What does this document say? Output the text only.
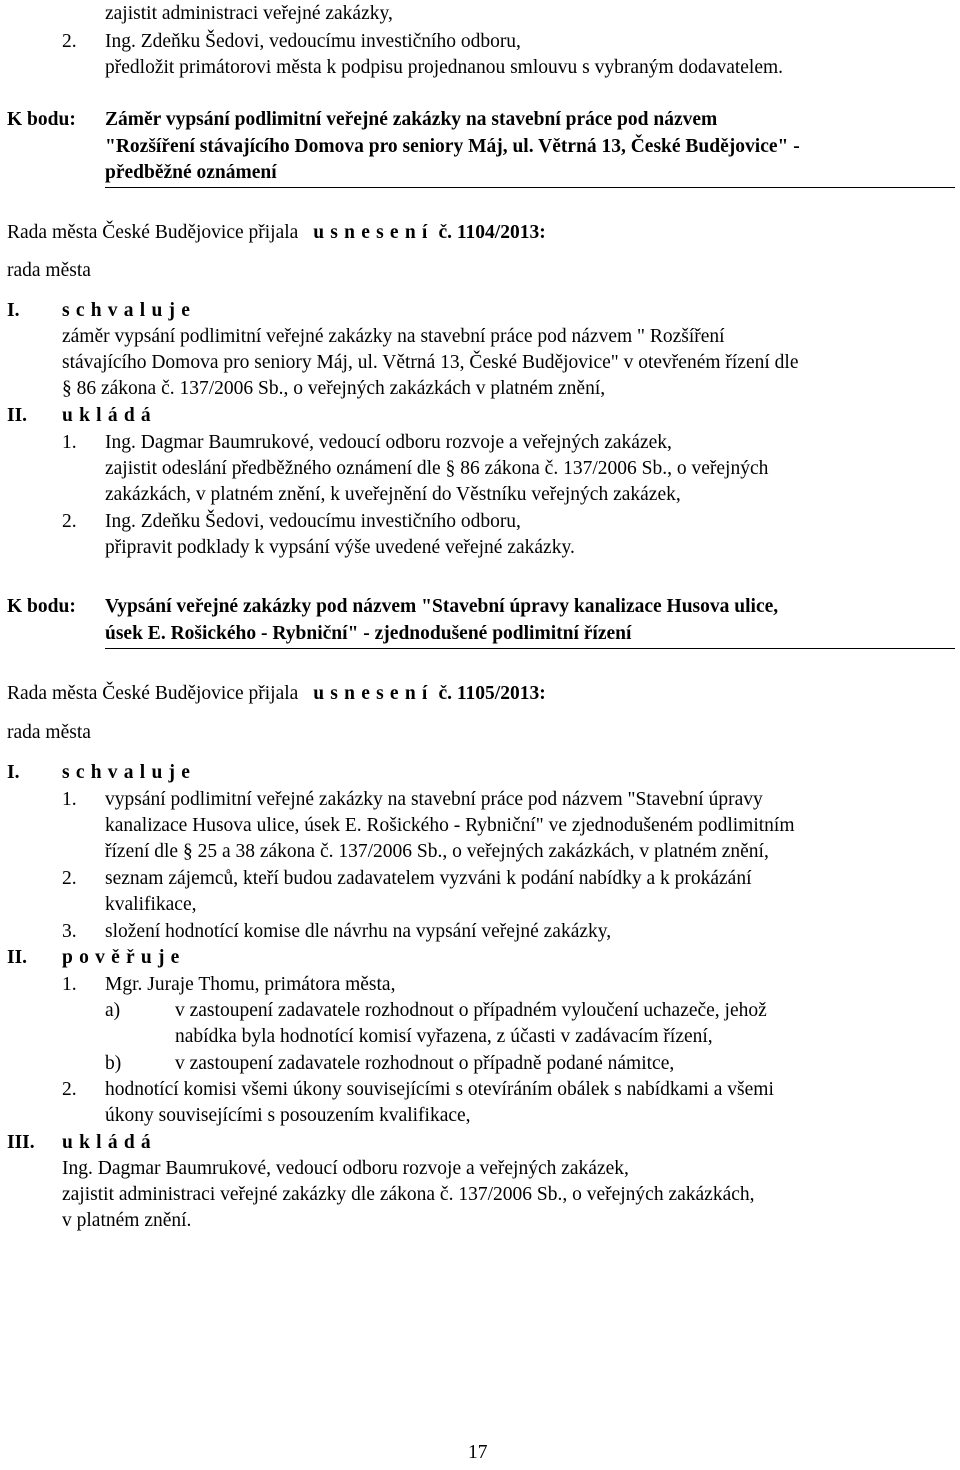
zajistit administraci veřejné zakázky,
2. Ing. Zdeňku Šedovi, vedoucímu investičního odboru,
předložit primátorovi města k podpisu projednanou smlouvu s vybraným dodavatelem.
K bodu: Záměr vypsání podlimitní veřejné zakázky na stavební práce pod názvem
"Rozšíření stávajícího Domova pro seniory Máj, ul. Větrná 13, České Budějovice" -
předběžné oznámení
Rada města České Budějovice přijala usnesení č. 1104/2013:
rada města
I. schvaluje
záměr vypsání podlimitní veřejné zakázky na stavební práce pod názvem " Rozšíření
stávajícího Domova pro seniory Máj, ul. Větrná 13, České Budějovice" v otevřeném řízení dle
§ 86 zákona č. 137/2006 Sb., o veřejných zakázkách v platném znění,
II. ukládá
1. Ing. Dagmar Baumrukové, vedoucí odboru rozvoje a veřejných zakázek,
zajistit odeslání předběžného oznámení dle § 86 zákona č. 137/2006 Sb., o veřejných
zakázkách, v platném znění, k uveřejnění do Věstníku veřejných zakázek,
2. Ing. Zdeňku Šedovi, vedoucímu investičního odboru,
připravit podklady k vypsání výše uvedené veřejné zakázky.
K bodu: Vypsání veřejné zakázky pod názvem "Stavební úpravy kanalizace Husova ulice,
úsek E. Rošického - Rybniční" - zjednodušené podlimitní řízení
Rada města České Budějovice přijala usnesení č. 1105/2013:
rada města
I. schvaluje
1. vypsání podlimitní veřejné zakázky na stavební práce pod názvem "Stavební úpravy
kanalizace Husova ulice, úsek E. Rošického - Rybniční" ve zjednodušeném podlimitním
řízení dle § 25 a 38 zákona č. 137/2006 Sb., o veřejných zakázkách, v platném znění,
2. seznam zájemců, kteří budou zadavatelem vyzváni k podání nabídky a k prokázání
kvalifikace,
3. složení hodnotící komise dle návrhu na vypsání veřejné zakázky,
II. pověřuje
1. Mgr. Juraje Thomu, primátora města,
a)	v zastoupení zadavatele rozhodnout o případném vyloučení uchazeče, jehož
nabídka byla hodnotící komisí vyřazena, z účasti v zadávacím řízení,
b)	v zastoupení zadavatele rozhodnout o případně podané námitce,
2. hodnotící komisi všemi úkony souvisejícími s otevíráním obálek s nabídkami a všemi
úkony souvisejícími s posouzením kvalifikace,
III. ukládá
Ing. Dagmar Baumrukové, vedoucí odboru rozvoje a veřejných zakázek,
zajistit administraci veřejné zakázky dle zákona č. 137/2006 Sb., o veřejných zakázkách,
v platném znění.
17
